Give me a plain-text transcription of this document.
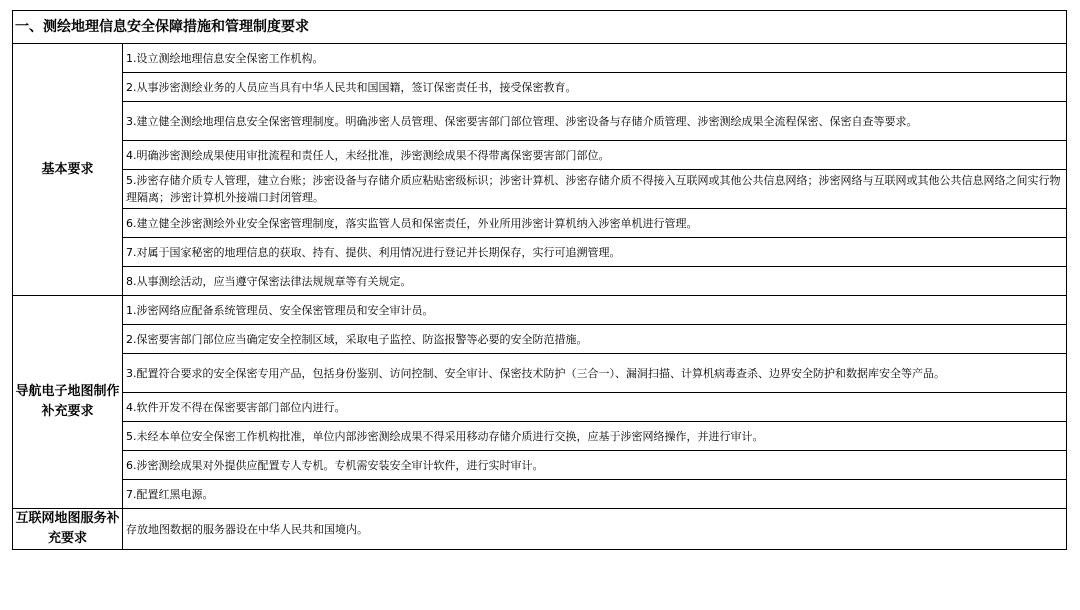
一、测绘地理信息安全保障措施和管理制度要求	
基本要求	1.设立测绘地理信息安全保密工作机构。
	2.从事涉密测绘业务的人员应当具有中华人民共和国国籍，签订保密责任书，接受保密教育。
	3.建立健全测绘地理信息安全保密管理制度。明确涉密人员管理、保密要害部门部位管理、涉密设备与存储介质管理、涉密测绘成果全流程保密、保密自查等要求。
	4.明确涉密测绘成果使用审批流程和责任人，未经批准，涉密测绘成果不得带离保密要害部门部位。
	5.涉密存储介质专人管理，建立台账；涉密设备与存储介质应粘贴密级标识；涉密计算机、涉密存储介质不得接入互联网或其他公共信息网络；涉密网络与互联网或其他公共信息网络之间实行物理隔离；涉密计算机外接端口封闭管理。
	6.建立健全涉密测绘外业安全保密管理制度，落实监管人员和保密责任，外业所用涉密计算机纳入涉密单机进行管理。
	7.对属于国家秘密的地理信息的获取、持有、提供、利用情况进行登记并长期保存，实行可追溯管理。
	8.从事测绘活动，应当遵守保密法律法规规章等有关规定。
导航电子地图制作补充要求	1.涉密网络应配备系统管理员、安全保密管理员和安全审计员。
	2.保密要害部门部位应当确定安全控制区域，采取电子监控、防盗报警等必要的安全防范措施。
	3.配置符合要求的安全保密专用产品，包括身份鉴别、访问控制、安全审计、保密技术防护（三合一）、漏洞扫描、计算机病毒查杀、边界安全防护和数据库安全等产品。
	4.软件开发不得在保密要害部门部位内进行。
	5.未经本单位安全保密工作机构批准，单位内部涉密测绘成果不得采用移动存储介质进行交换，应基于涉密网络操作，并进行审计。
	6.涉密测绘成果对外提供应配置专人专机。专机需安装安全审计软件，进行实时审计。
	7.配置红黑电源。
互联网地图服务补充要求	存放地图数据的服务器设在中华人民共和国境内。
